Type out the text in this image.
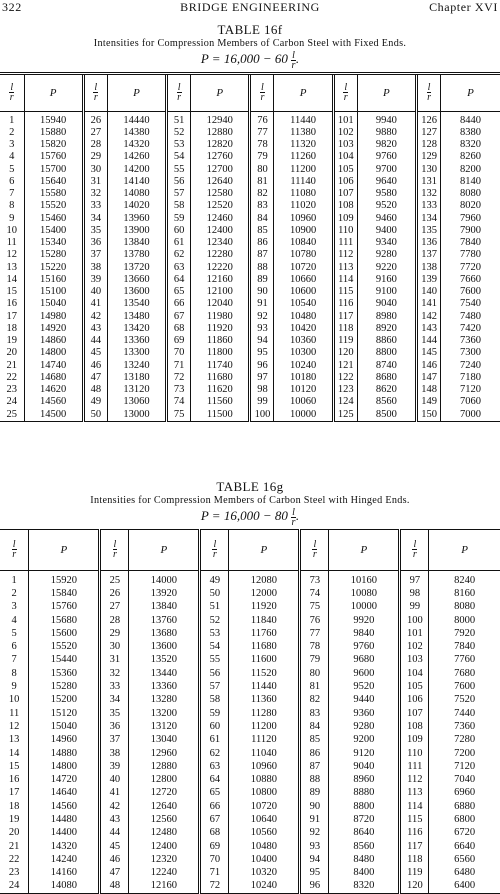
322	BRIDGE ENGINEERING	Chapter XVI
TABLE 16f
Intensities for Compression Members of Carbon Steel with Fixed Ends.
$P = 16,000 - 60 \frac{l}{r}$ .
$\frac{l}{r}$	P	$\frac{l}{r}$	P	$\frac{l}{r}$	P	$\frac{l}{r}$	P	$\frac{l}{r}$	P	$\frac{l}{r}$	P
1	15940	26	14440	51	12940	76	11440	101	9940	126	8440
2	15880	27	14380	52	12880	77	11380	102	9880	127	8380
3	15820	28	14320	53	12820	78	11320	103	9820	128	8320
4	15760	29	14260	54	12760	79	11260	104	9760	129	8260
5	15700	30	14200	55	12700	80	11200	105	9700	130	8200
6	15640	31	14140	56	12640	81	11140	106	9640	131	8140
7	15580	32	14080	57	12580	82	11080	107	9580	132	8080
8	15520	33	14020	58	12520	83	11020	108	9520	133	8020
9	15460	34	13960	59	12460	84	10960	109	9460	134	7960
10	15400	35	13900	60	12400	85	10900	110	9400	135	7900
11	15340	36	13840	61	12340	86	10840	111	9340	136	7840
12	15280	37	13780	62	12280	87	10780	112	9280	137	7780
13	15220	38	13720	63	12220	88	10720	113	9220	138	7720
14	15160	39	13660	64	12160	89	10660	114	9160	139	7660
15	15100	40	13600	65	12100	90	10600	115	9100	140	7600
16	15040	41	13540	66	12040	91	10540	116	9040	141	7540
17	14980	42	13480	67	11980	92	10480	117	8980	142	7480
18	14920	43	13420	68	11920	93	10420	118	8920	143	7420
19	14860	44	13360	69	11860	94	10360	119	8860	144	7360
20	14800	45	13300	70	11800	95	10300	120	8800	145	7300
21	14740	46	13240	71	11740	96	10240	121	8740	146	7240
22	14680	47	13180	72	11680	97	10180	122	8680	147	7180
23	14620	48	13120	73	11620	98	10120	123	8620	148	7120
24	14560	49	13060	74	11560	99	10060	124	8560	149	7060
25	14500	50	13000	75	11500	100	10000	125	8500	150	7000
TABLE 16g
Intensities for Compression Members of Carbon Steel with Hinged Ends.
$P = 16,000 - 80 \frac{l}{r}$ .
$\frac{l}{r}$	P	$\frac{l}{r}$	P	$\frac{l}{r}$	P	$\frac{l}{r}$	P	$\frac{l}{r}$	P
1	15920	25	14000	49	12080	73	10160	97	8240
2	15840	26	13920	50	12000	74	10080	98	8160
3	15760	27	13840	51	11920	75	10000	99	8080
4	15680	28	13760	52	11840	76	9920	100	8000
5	15600	29	13680	53	11760	77	9840	101	7920
6	15520	30	13600	54	11680	78	9760	102	7840
7	15440	31	13520	55	11600	79	9680	103	7760
8	15360	32	13440	56	11520	80	9600	104	7680
9	15280	33	13360	57	11440	81	9520	105	7600
10	15200	34	13280	58	11360	82	9440	106	7520
11	15120	35	13200	59	11280	83	9360	107	7440
12	15040	36	13120	60	11200	84	9280	108	7360
13	14960	37	13040	61	11120	85	9200	109	7280
14	14880	38	12960	62	11040	86	9120	110	7200
15	14800	39	12880	63	10960	87	9040	111	7120
16	14720	40	12800	64	10880	88	8960	112	7040
17	14640	41	12720	65	10800	89	8880	113	6960
18	14560	42	12640	66	10720	90	8800	114	6880
19	14480	43	12560	67	10640	91	8720	115	6800
20	14400	44	12480	68	10560	92	8640	116	6720
21	14320	45	12400	69	10480	93	8560	117	6640
22	14240	46	12320	70	10400	94	8480	118	6560
23	14160	47	12240	71	10320	95	8400	119	6480
24	14080	48	12160	72	10240	96	8320	120	6400
